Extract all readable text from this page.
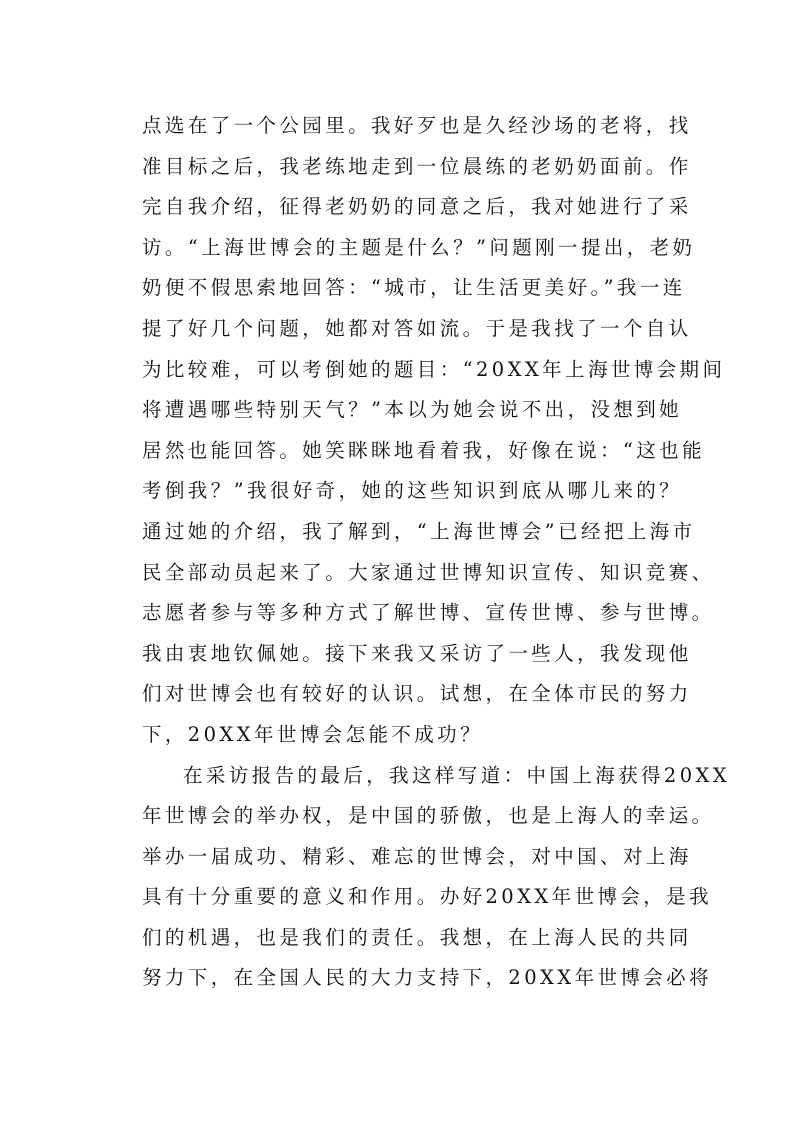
点选在了一个公园里。我好歹也是久经沙场的老将，找
准目标之后，我老练地走到一位晨练的老奶奶面前。作
完自我介绍，征得老奶奶的同意之后，我对她进行了采
访。“上海世博会的主题是什么？”问题刚一提出，老奶
奶便不假思索地回答：“城市，让生活更美好。”我一连
提了好几个问题，她都对答如流。于是我找了一个自认
为比较难，可以考倒她的题目：“20XX年上海世博会期间
将遭遇哪些特别天气？”本以为她会说不出，没想到她
居然也能回答。她笑眯眯地看着我，好像在说：“这也能
考倒我？”我很好奇，她的这些知识到底从哪儿来的？
通过她的介绍，我了解到，“上海世博会”已经把上海市
民全部动员起来了。大家通过世博知识宣传、知识竞赛、
志愿者参与等多种方式了解世博、宣传世博、参与世博。
我由衷地钦佩她。接下来我又采访了一些人，我发现他
们对世博会也有较好的认识。试想，在全体市民的努力
下，20XX年世博会怎能不成功？
在采访报告的最后，我这样写道：中国上海获得20XX
年世博会的举办权，是中国的骄傲，也是上海人的幸运。
举办一届成功、精彩、难忘的世博会，对中国、对上海
具有十分重要的意义和作用。办好20XX年世博会，是我
们的机遇，也是我们的责任。我想，在上海人民的共同
努力下，在全国人民的大力支持下，20XX年世博会必将
